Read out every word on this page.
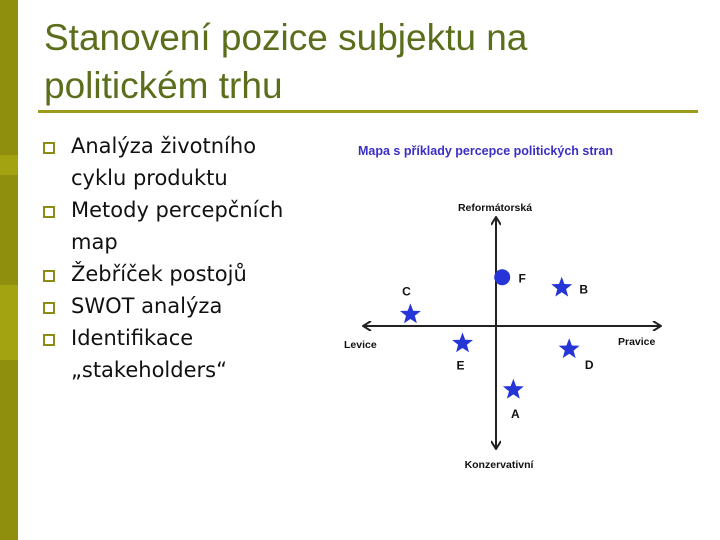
Stanovení pozice subjektu na
politickém trhu
Analýza životního
cyklu produktu
Metody percepčních
map
Žebříček postojů
SWOT analýza
Identifikace
„stakeholders“
Mapa s příklady percepce politických stran
Reformátorská
Konzervativní
Levice	Pravice
F
B
C
E	D
A
